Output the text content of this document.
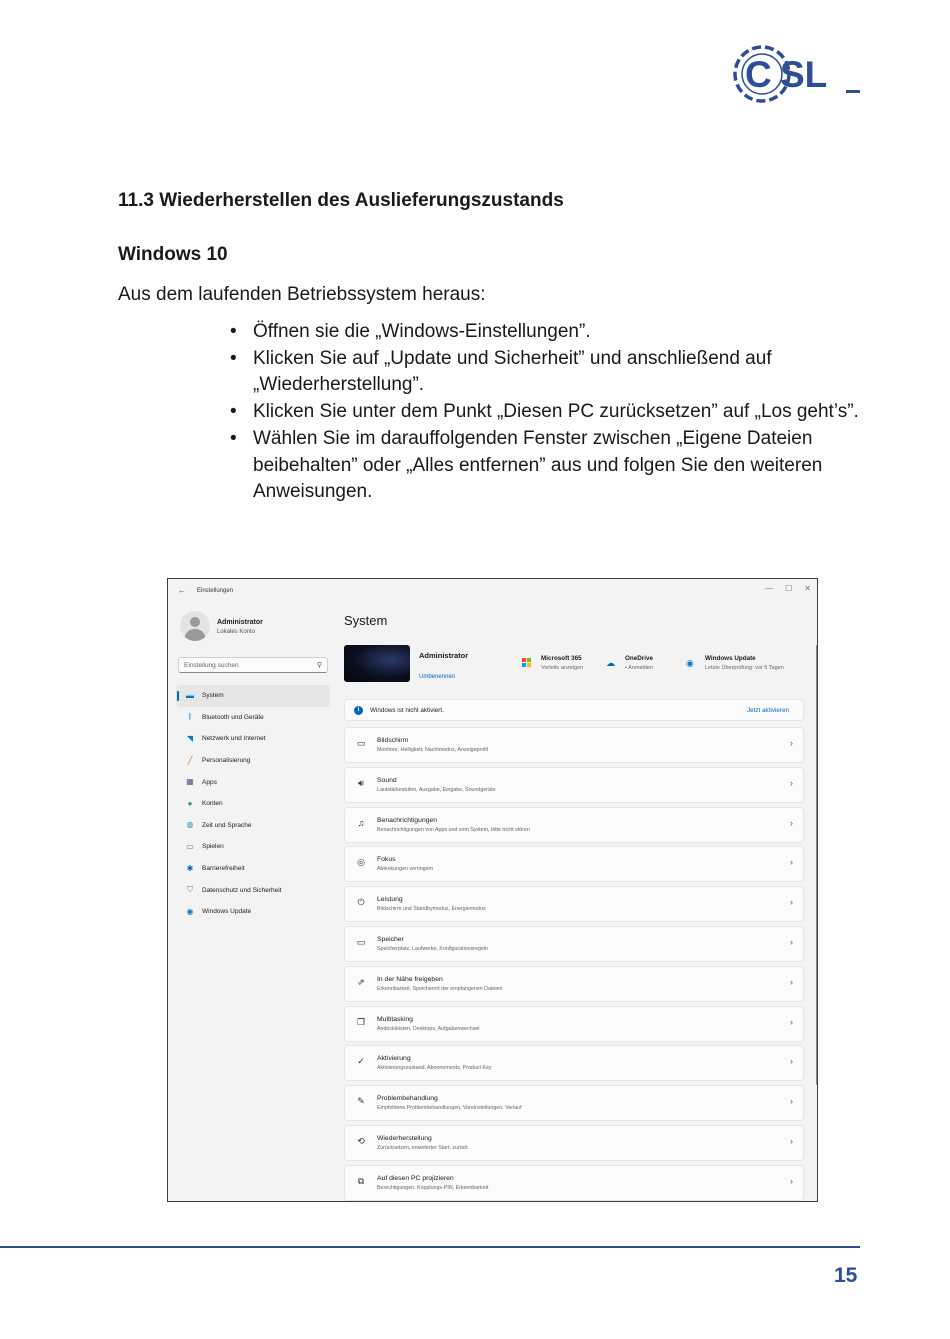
C SL
11.3 Wiederherstellen des Auslieferungszustands
Windows 10
Aus dem laufenden Betriebssystem heraus:
• Öffnen sie die „Windows-Einstellungen”.
• Klicken Sie auf „Update und Sicherheit” und anschließend auf „Wiederherstellung”.
• Klicken Sie unter dem Punkt „Diesen PC zurücksetzen” auf „Los geht’s”.
• Wählen Sie im darauffolgenden Fenster zwischen „Eigene Dateien beibehalten” oder „Alles entfernen” aus und folgen Sie den weiteren Anweisungen.
← Einstellungen	— ☐ ✕
Administrator
Lokales Konto
Einstellung suchen	⚲
▬	System
ᛒ	Bluetooth und Geräte
◥	Netzwerk und Internet
╱	Personalisierung
▦	Apps
●	Konten
◍	Zeit und Sprache
▭	Spielen
✱	Barrierefreiheit
⛉	Datenschutz und Sicherheit
◉	Windows Update
System
Administrator
Umbenennen
Microsoft 365
Vorteile anzeigen	☁ OneDrive
• Anmelden	◉ Windows Update
Letzte Überprüfung: vor 5 Tagen
i	Windows ist nicht aktiviert.	Jetzt aktivieren
▭ Bildschirm
Monitore, Helligkeit, Nachtmodus, Anzeigeprofil
›
🔊︎	Sound
Lautstärkestufen, Ausgabe, Eingabe, Soundgeräte
›
♫	Benachrichtigungen
Benachrichtigungen von Apps und vom System, bitte nicht stören
›
◎	Fokus
Ablenkungen verringern
›
⏻	Leistung
Bildschirm und Standbymodus, Energiemodus
›
▭ Speicher
Speicherplatz, Laufwerke, Konfigurationsregeln
›
⇗	In der Nähe freigeben
Erkennbarkeit, Speicherort der empfangenen Dateien
›
❐ Multitasking
Andockleisten, Desktops, Aufgabenwechsel
›
✓	Aktivierung
Aktivierungszustand, Abonnements, Product Key
›
✎	Problembehandlung
Empfohlene Problembehandlungen, Voreinstellungen, Verlauf
›
⟲	Wiederherstellung
Zurücksetzen, erweiterter Start, zurück
›
⧉	Auf diesen PC projizieren
Berechtigungen, Kopplungs-PIN, Erkennbarkeit
›
15
